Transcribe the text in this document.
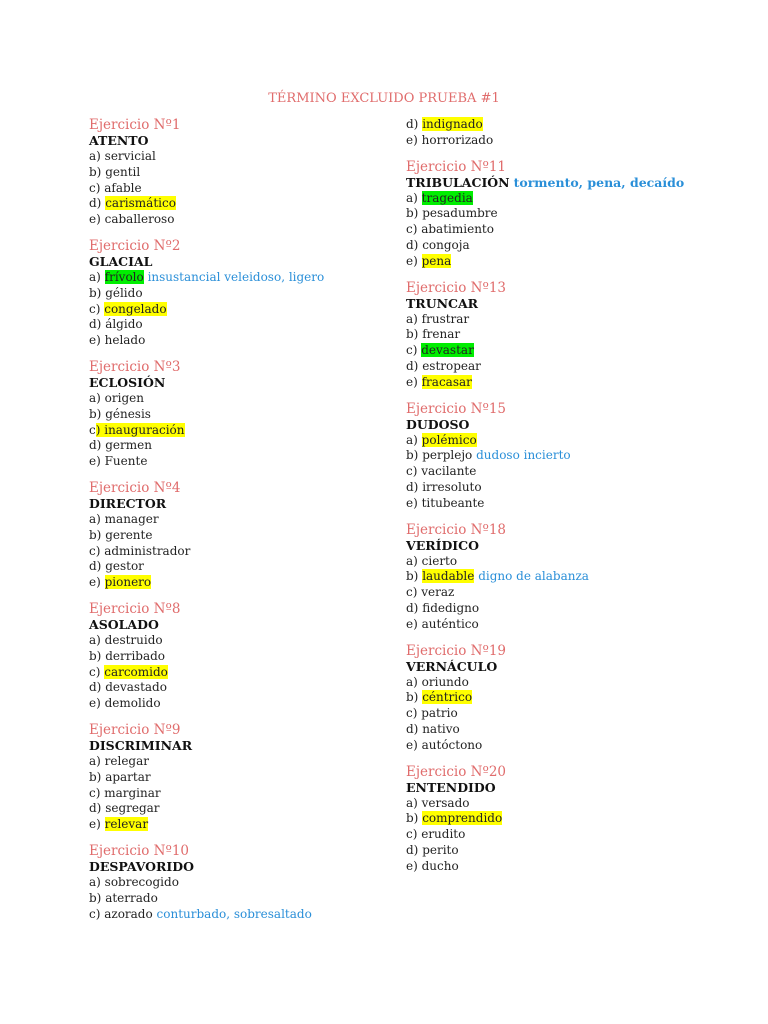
TÉRMINO EXCLUIDO PRUEBA #1
Ejercicio Nº1
ATENTO
a) servicial
b) gentil
c) afable
d) carismático
e) caballeroso
Ejercicio Nº2
GLACIAL
a) frívolo insustancial veleidoso, ligero
b) gélido
c) congelado
d) álgido
e) helado
Ejercicio Nº3
ECLOSIÓN
a) origen
b) génesis
c) inauguración
d) germen
e) Fuente
Ejercicio Nº4
DIRECTOR
a) manager
b) gerente
c) administrador
d) gestor
e) pionero
Ejercicio Nº8
ASOLADO
a) destruido
b) derribado
c) carcomido
d) devastado
e) demolido
Ejercicio Nº9
DISCRIMINAR
a) relegar
b) apartar
c) marginar
d) segregar
e) relevar
Ejercicio Nº10
DESPAVORIDO
a) sobrecogido
b) aterrado
c) azorado conturbado, sobresaltado
d) indignado
e) horrorizado
Ejercicio Nº11
TRIBULACIÓN tormento, pena, decaído
a) tragedia
b) pesadumbre
c) abatimiento
d) congoja
e) pena
Ejercicio Nº13
TRUNCAR
a) frustrar
b) frenar
c) devastar
d) estropear
e) fracasar
Ejercicio Nº15
DUDOSO
a) polémico
b) perplejo dudoso incierto
c) vacilante
d) irresoluto
e) titubeante
Ejercicio Nº18
VERÍDICO
a) cierto
b) laudable digno de alabanza
c) veraz
d) fidedigno
e) auténtico
Ejercicio Nº19
VERNÁCULO
a) oriundo
b) céntrico
c) patrio
d) nativo
e) autóctono
Ejercicio Nº20
ENTENDIDO
a) versado
b) comprendido
c) erudito
d) perito
e) ducho
